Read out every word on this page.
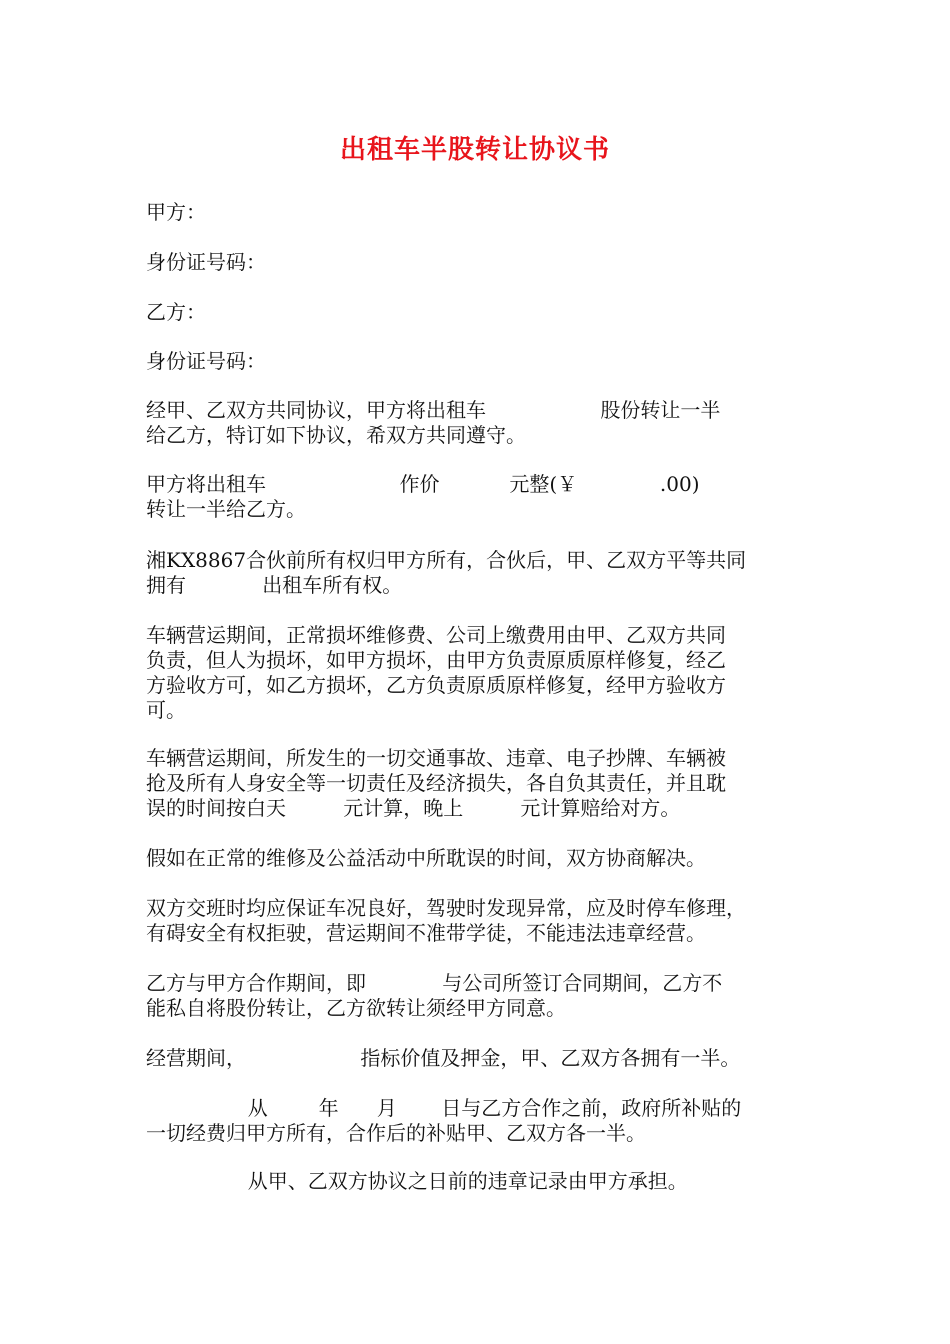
出租车半股转让协议书

甲方：

身份证号码：

乙方：

身份证号码：

经甲、乙双方共同协议，甲方将出租车                  股份转让一半
给乙方，特订如下协议，希双方共同遵守。

甲方将出租车                     作价           元整(￥             .00)
转让一半给乙方。

湘KX8867合伙前所有权归甲方所有，合伙后，甲、乙双方平等共同
拥有            出租车所有权。

车辆营运期间，正常损坏维修费、公司上缴费用由甲、乙双方共同
负责，但人为损坏，如甲方损坏，由甲方负责原质原样修复，经乙
方验收方可，如乙方损坏，乙方负责原质原样修复，经甲方验收方
可。

车辆营运期间，所发生的一切交通事故、违章、电子抄牌、车辆被
抢及所有人身安全等一切责任及经济损失，各自负其责任，并且耽
误的时间按白天         元计算，晚上         元计算赔给对方。

假如在正常的维修及公益活动中所耽误的时间，双方协商解决。

双方交班时均应保证车况良好，驾驶时发现异常，应及时停车修理，
有碍安全有权拒驶，营运期间不准带学徒，不能违法违章经营。

乙方与甲方合作期间，即            与公司所签订合同期间，乙方不
能私自将股份转让，乙方欲转让须经甲方同意。

经营期间，                  指标价值及押金，甲、乙双方各拥有一半。

从        年      月       日与乙方合作之前，政府所补贴的
一切经费归甲方所有，合作后的补贴甲、乙双方各一半。

从甲、乙双方协议之日前的违章记录由甲方承担。
